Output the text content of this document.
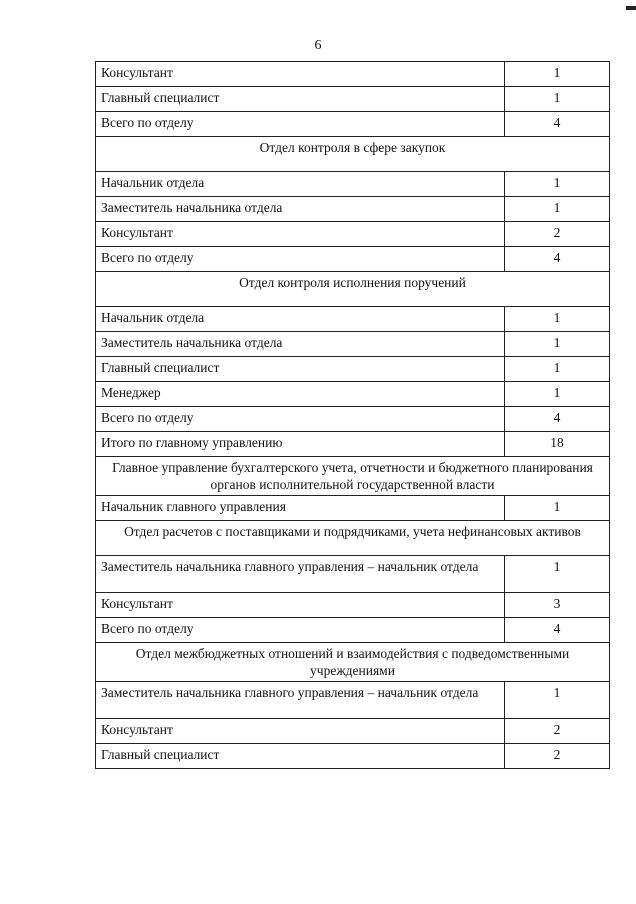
6
Консультант	1
Главный специалист	1
Всего по отделу	4
Отдел контроля в сфере закупок	
Начальник отдела	1
Заместитель начальника отдела	1
Консультант	2
Всего по отделу	4
Отдел контроля исполнения поручений	
Начальник отдела	1
Заместитель начальника отдела	1
Главный специалист	1
Менеджер	1
Всего по отделу	4
Итого по главному управлению	18
Главное управление бухгалтерского учета, отчетности и бюджетного планирования органов исполнительной государственной власти	
Начальник главного управления	1
Отдел расчетов с поставщиками и подрядчиками, учета нефинансовых активов	
Заместитель начальника главного управления – начальник отдела	1
Консультант	3
Всего по отделу	4
Отдел межбюджетных отношений и взаимодействия с подведомственными учреждениями	
Заместитель начальника главного управления – начальник отдела	1
Консультант	2
Главный специалист	2
